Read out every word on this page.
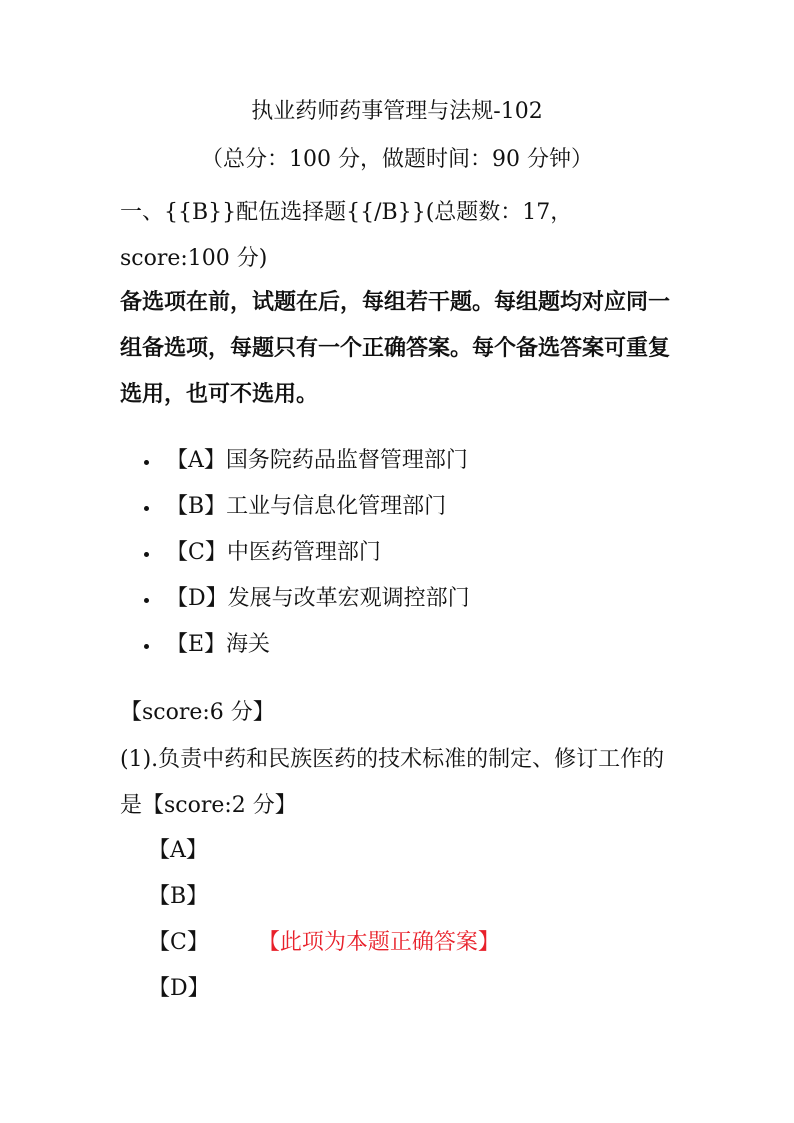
执业药师药事管理与法规-102
（总分：100 分，做题时间：90 分钟）
一、{{B}}配伍选择题{{/B}}(总题数：17，score:100 分)
备选项在前，试题在后，每组若干题。每组题均对应同一组备选项，每题只有一个正确答案。每个备选答案可重复选用，也可不选用。
【A】国务院药品监督管理部门
【B】工业与信息化管理部门
【C】中医药管理部门
【D】发展与改革宏观调控部门
【E】海关
【score:6 分】
(1).负责中药和民族医药的技术标准的制定、修订工作的是【score:2 分】
【A】
【B】
【C】 【此项为本题正确答案】
【D】
